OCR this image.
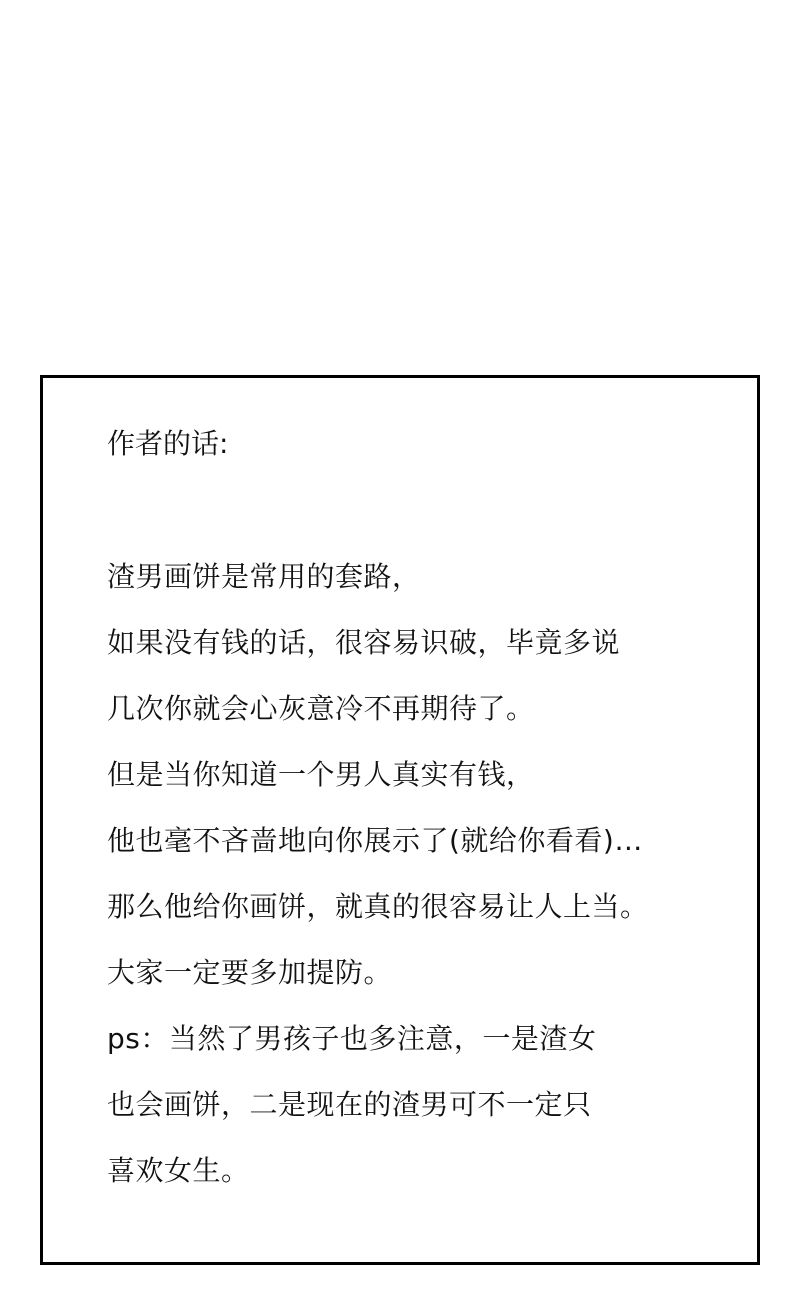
作者的话:
渣男画饼是常用的套路，
如果没有钱的话，很容易识破，毕竟多说
几次你就会心灰意冷不再期待了。
但是当你知道一个男人真实有钱，
他也毫不吝啬地向你展示了(就给你看看)…
那么他给你画饼，就真的很容易让人上当。
大家一定要多加提防。
ps：当然了男孩子也多注意，一是渣女
也会画饼，二是现在的渣男可不一定只
喜欢女生。
